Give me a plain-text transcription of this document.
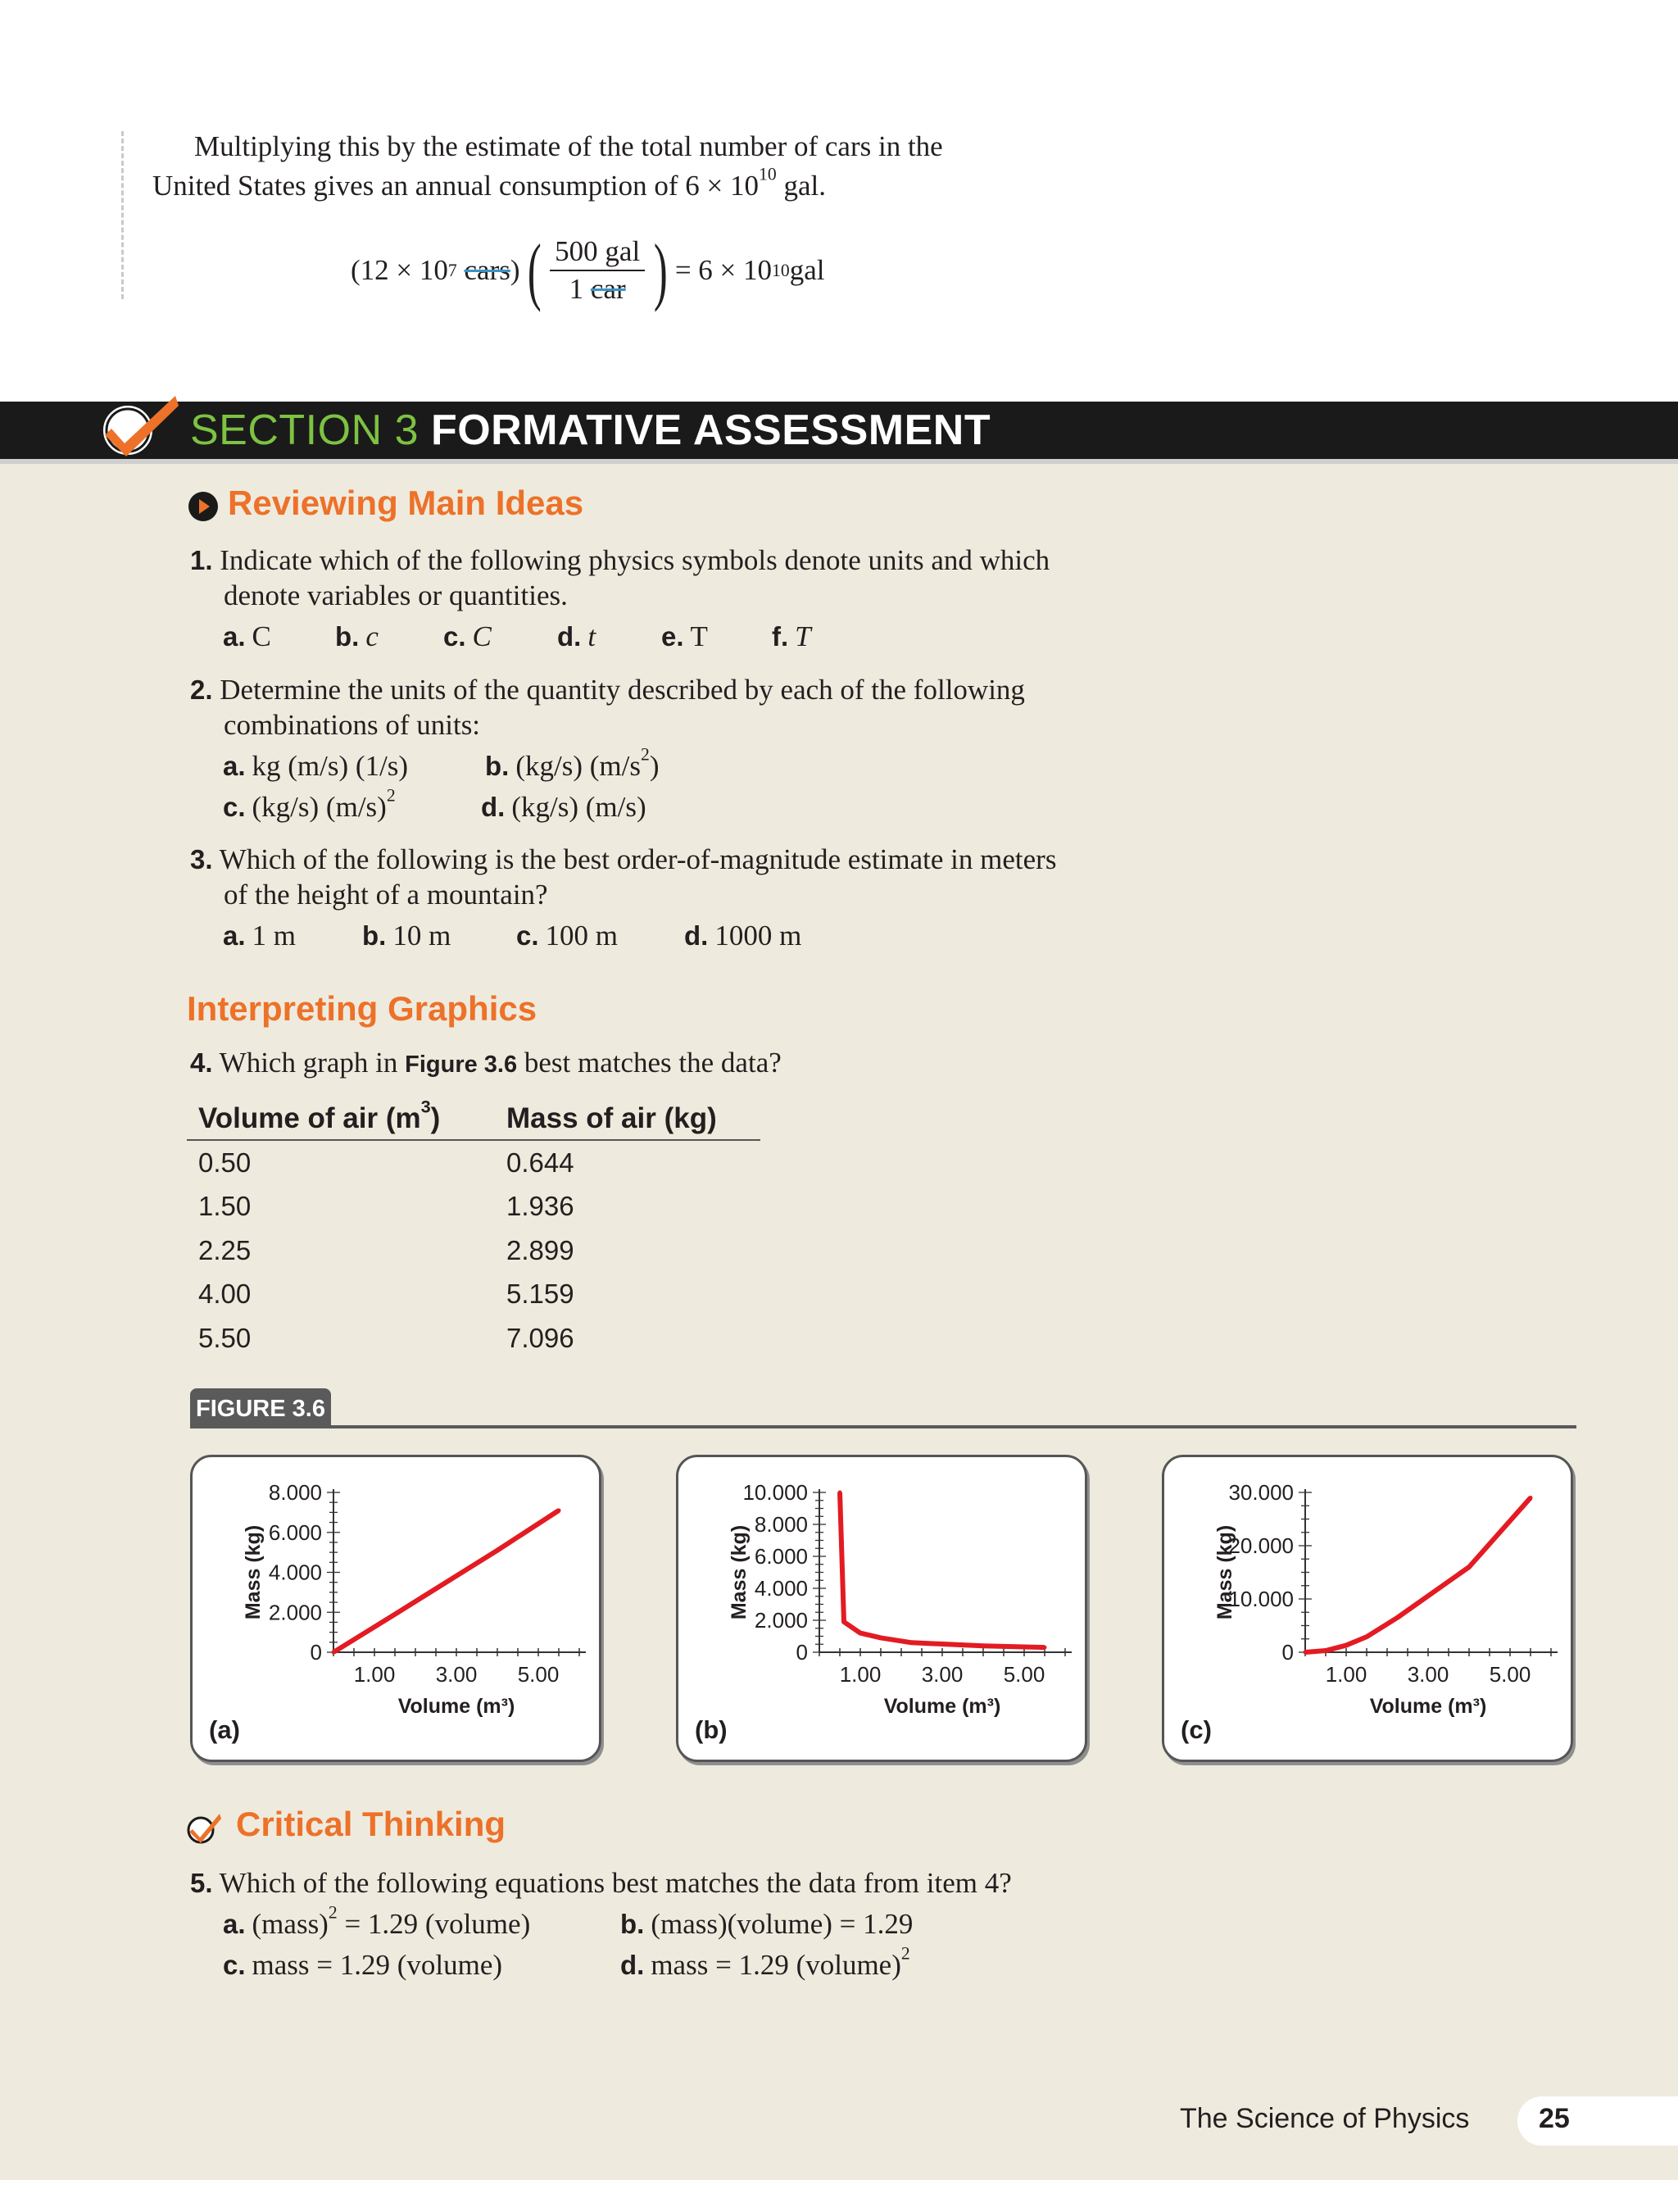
Multiplying this by the estimate of the total number of cars in the
United States gives an annual consumption of $6 \times 10^{10}$ gal.
(12 × 10 7
cars ) ( $\frac{\text{500 gal}}{\text{1 car}}$ ) = 6 × 10 10 gal
SECTION 3 FORMATIVE ASSESSMENT
Reviewing Main Ideas
1. Indicate which of the following physics symbols denote units and which
denote variables or quantities.
a. C b. c c. C d. t e. T f. T
2. Determine the units of the quantity described by each of the following
combinations of units:
a. kg (m/s) (1/s)	b. (kg/s) $(m/s^2)$
c. (kg/s) $(m/s)^2$	d. (kg/s) (m/s)
3. Which of the following is the best order-of-magnitude estimate in meters
of the height of a mountain?
a. 1 m b. 10 m c. 100 m d. 1000 m
Interpreting Graphics
4. Which graph in Figure 3.6 best matches the data?
Volume of air $(m^3)$	Mass of air (kg)
0.50	0.644
1.50	1.936
2.25	2.899
4.00	5.159
5.50	7.096
FIGURE 3.6
0
2.000
4.000
6.000
8.000
1.00 3.00 5.00
Volume (m³)
Mass (kg)
(a)
0
2.000
4.000
6.000
8.000
10.000
1.00 3.00 5.00
Volume (m³)
Mass (kg)
(b)
0
10.000
20.000
30.000
1.00 3.00 5.00
Volume (m³)
Mass (kg)
(c)
Critical Thinking
5. Which of the following equations best matches the data from item 4?
a. (mass)$^2$ = 1.29 (volume)	b. (mass)(volume) = 1.29
c. mass = 1.29 (volume)	d. mass = 1.29 (volume)$^2$
The Science of Physics 25
